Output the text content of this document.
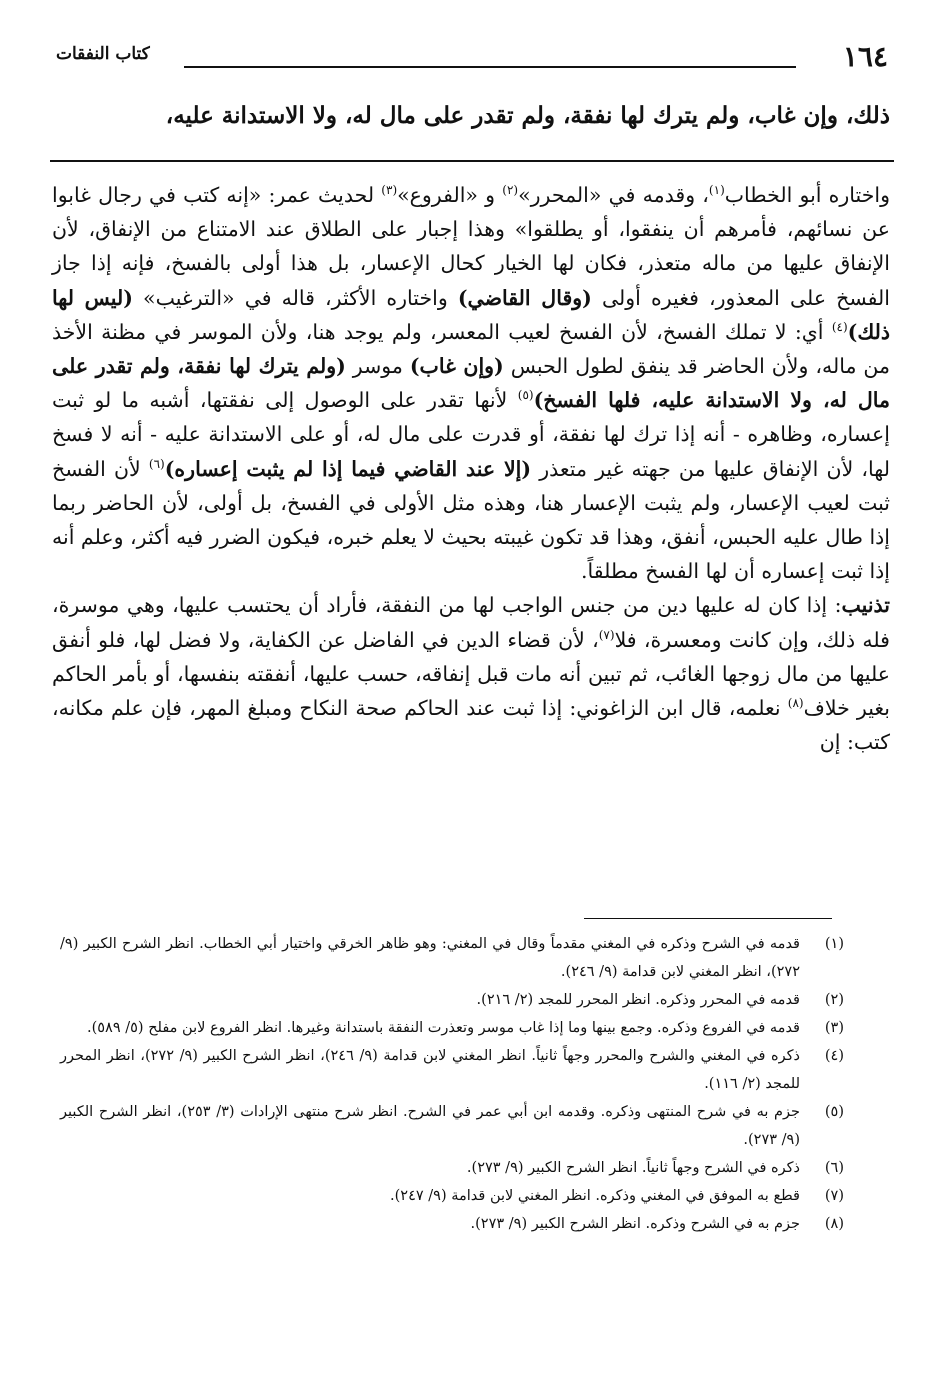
١٦٤
كتاب النفقات
ذلك، وإن غاب، ولم يترك لها نفقة، ولم تقدر على مال له، ولا الاستدانة عليه،

واختاره أبو الخطاب$^{(١)}$، وقدمه في «المحرر»$^{(٢)}$ و «الفروع»$^{(٣)}$ لحديث عمر: «إنه كتب في رجال غابوا عن نسائهم، فأمرهم أن ينفقوا، أو يطلقوا» وهذا إجبار على الطلاق عند الامتناع من الإنفاق، لأن الإنفاق عليها من ماله متعذر، فكان لها الخيار كحال الإعسار، بل هذا أولى بالفسخ، فإنه إذا جاز الفسخ على المعذور، فغيره أولى (وقال القاضي) واختاره الأكثر، قاله في «الترغيب» (ليس لها ذلك)$^{(٤)}$ أي: لا تملك الفسخ، لأن الفسخ لعيب المعسر، ولم يوجد هنا، ولأن الموسر في مظنة الأخذ من ماله، ولأن الحاضر قد ينفق لطول الحبس (وإن غاب) موسر (ولم يترك لها نفقة، ولم تقدر على مال له، ولا الاستدانة عليه، فلها الفسخ)$^{(٥)}$ لأنها تقدر على الوصول إلى نفقتها، أشبه ما لو ثبت إعساره، وظاهره - أنه إذا ترك لها نفقة، أو قدرت على مال له، أو على الاستدانة عليه - أنه لا فسخ لها، لأن الإنفاق عليها من جهته غير متعذر (إلا عند القاضي فيما إذا لم يثبت إعساره)$^{(٦)}$ لأن الفسخ ثبت لعيب الإعسار، ولم يثبت الإعسار هنا، وهذه مثل الأولى في الفسخ، بل أولى، لأن الحاضر ربما إذا طال عليه الحبس، أنفق، وهذا قد تكون غيبته بحيث لا يعلم خبره، فيكون الضرر فيه أكثر، وعلم أنه إذا ثبت إعساره أن لها الفسخ مطلقاً.

تذنيب: إذا كان له عليها دين من جنس الواجب لها من النفقة، فأراد أن يحتسب عليها، وهي موسرة، فله ذلك، وإن كانت ومعسرة، فلا$^{(٧)}$، لأن قضاء الدين في الفاضل عن الكفاية، ولا فضل لها، فلو أنفق عليها من مال زوجها الغائب، ثم تبين أنه مات قبل إنفاقه، حسب عليها، أنفقته بنفسها، أو بأمر الحاكم بغير خلاف$^{(٨)}$ نعلمه، قال ابن الزاغوني: إذا ثبت عند الحاكم صحة النكاح ومبلغ المهر، فإن علم مكانه، كتب: إن

(١)
قدمه في الشرح وذكره في المغني مقدماً وقال في المغني: وهو ظاهر الخرقي واختيار أبي الخطاب. انظر الشرح الكبير (٩/ ٢٧٢)، انظر المغني لابن قدامة (٩/ ٢٤٦).
(٢)
قدمه في المحرر وذكره. انظر المحرر للمجد (٢/ ٢١٦).
(٣)
قدمه في الفروع وذكره. وجمع بينها وما إذا غاب موسر وتعذرت النفقة باستدانة وغيرها. انظر الفروع لابن مفلح (٥/ ٥٨٩).
(٤)
ذكره في المغني والشرح والمحرر وجهاً ثانياً. انظر المغني لابن قدامة (٩/ ٢٤٦)، انظر الشرح الكبير (٩/ ٢٧٢)، انظر المحرر للمجد (٢/ ١١٦).
(٥)
جزم به في شرح المنتهى وذكره. وقدمه ابن أبي عمر في الشرح. انظر شرح منتهى الإرادات (٣/ ٢٥٣)، انظر الشرح الكبير (٩/ ٢٧٣).
(٦)
ذكره في الشرح وجهاً ثانياً. انظر الشرح الكبير (٩/ ٢٧٣).
(٧)
قطع به الموفق في المغني وذكره. انظر المغني لابن قدامة (٩/ ٢٤٧).
(٨)
جزم به في الشرح وذكره. انظر الشرح الكبير (٩/ ٢٧٣).
